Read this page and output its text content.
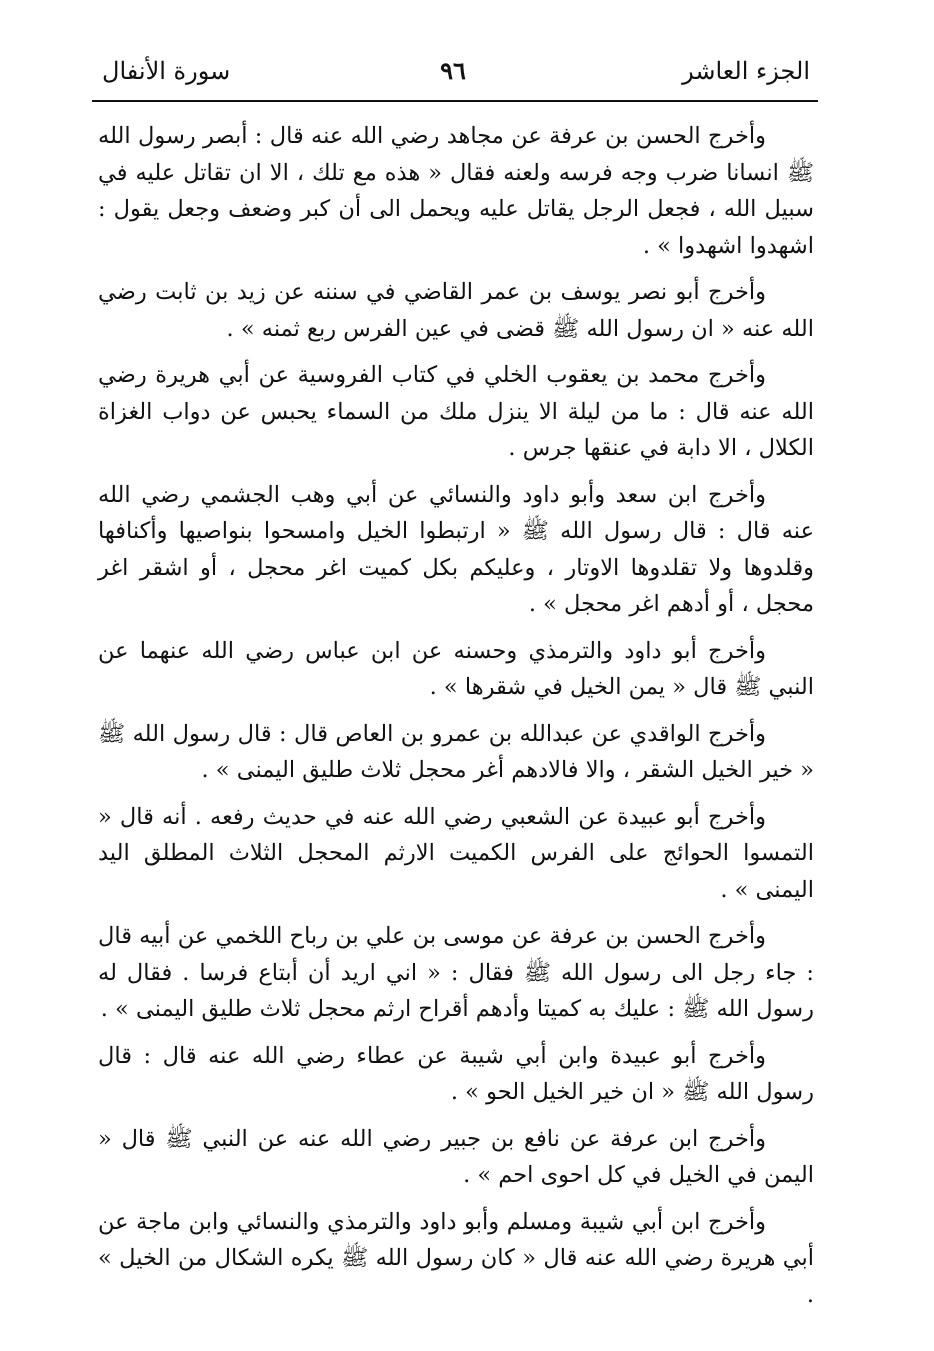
الجزء العاشر
٩٦
سورة الأنفال

وأخرج الحسن بن عرفة عن مجاهد رضي الله عنه قال : أبصر رسول الله ﷺ انسانا ضرب وجه فرسه ولعنه فقال « هذه مع تلك ، الا ان تقاتل عليه في سبيل الله ، فجعل الرجل يقاتل عليه ويحمل الى أن كبر وضعف وجعل يقول : اشهدوا اشهدوا » .

وأخرج أبو نصر يوسف بن عمر القاضي في سننه عن زيد بن ثابت رضي الله عنه « ان رسول الله ﷺ قضى في عين الفرس ربع ثمنه » .

وأخرج محمد بن يعقوب الخلي في كتاب الفروسية عن أبي هريرة رضي الله عنه قال : ما من ليلة الا ينزل ملك من السماء يحبس عن دواب الغزاة الكلال ، الا دابة في عنقها جرس .

وأخرج ابن سعد وأبو داود والنسائي عن أبي وهب الجشمي رضي الله عنه قال : قال رسول الله ﷺ « ارتبطوا الخيل وامسحوا بنواصيها وأكنافها وقلدوها ولا تقلدوها الاوتار ، وعليكم بكل كميت اغر محجل ، أو اشقر اغر محجل ، أو أدهم اغر محجل » .

وأخرج أبو داود والترمذي وحسنه عن ابن عباس رضي الله عنهما عن النبي ﷺ قال « يمن الخيل في شقرها » .

وأخرج الواقدي عن عبدالله بن عمرو بن العاص قال : قال رسول الله ﷺ « خير الخيل الشقر ، والا فالادهم أغر محجل ثلاث طليق اليمنى » .

وأخرج أبو عبيدة عن الشعبي رضي الله عنه في حديث رفعه . أنه قال « التمسوا الحوائج على الفرس الكميت الارثم المحجل الثلاث المطلق اليد اليمنى » .

وأخرج الحسن بن عرفة عن موسى بن علي بن رباح اللخمي عن أبيه قال : جاء رجل الى رسول الله ﷺ فقال : « اني اريد أن أبتاع فرسا . فقال له رسول الله ﷺ : عليك به كميتا وأدهم أقراح ارثم محجل ثلاث طليق اليمنى » .

وأخرج أبو عبيدة وابن أبي شيبة عن عطاء رضي الله عنه قال : قال رسول الله ﷺ « ان خير الخيل الحو » .

وأخرج ابن عرفة عن نافع بن جبير رضي الله عنه عن النبي ﷺ قال « اليمن في الخيل في كل احوى احم » .

وأخرج ابن أبي شيبة ومسلم وأبو داود والترمذي والنسائي وابن ماجة عن أبي هريرة رضي الله عنه قال « كان رسول الله ﷺ يكره الشكال من الخيل » .
